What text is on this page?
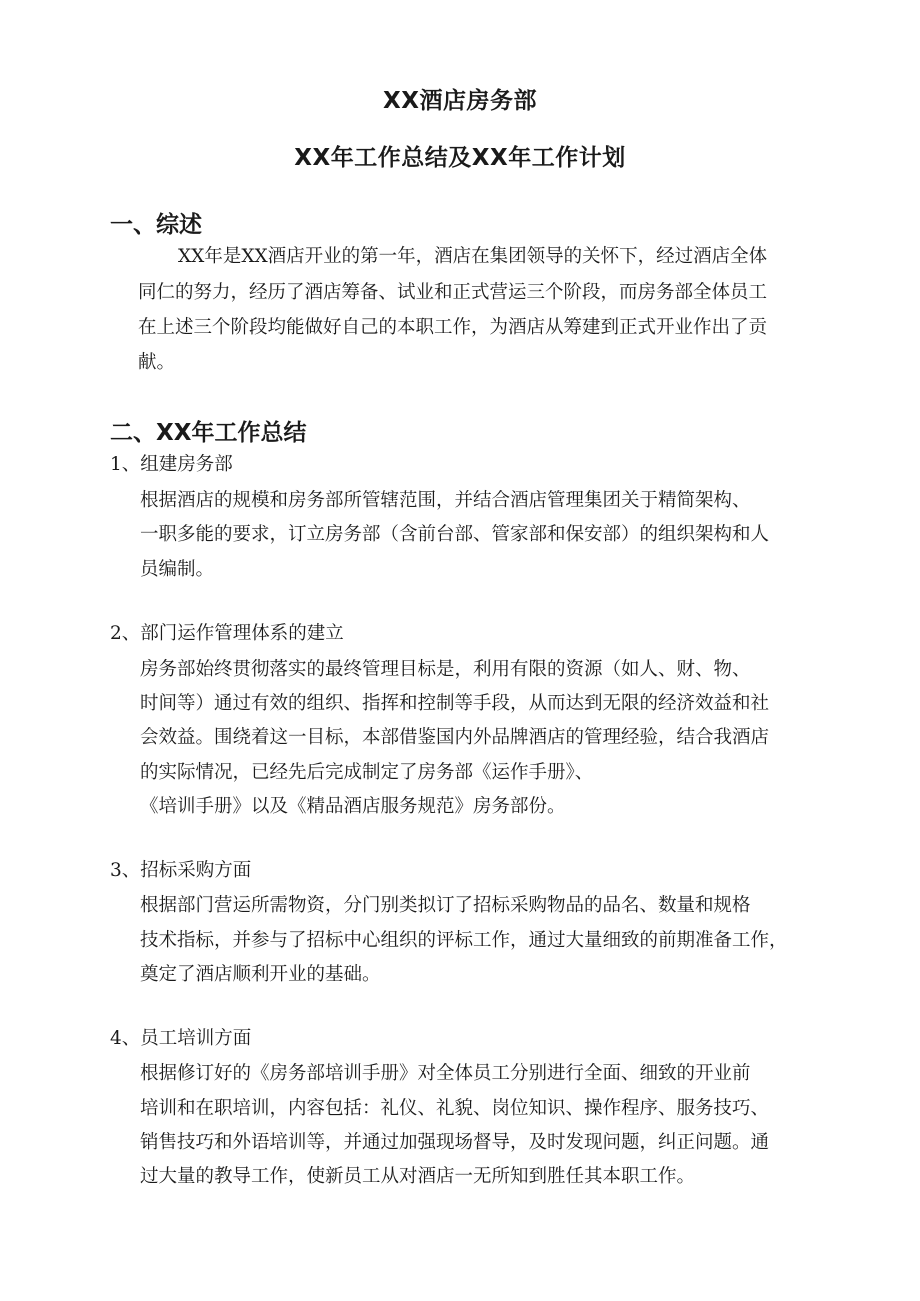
XX酒店房务部
XX年工作总结及XX年工作计划
一、综述
XX年是XX酒店开业的第一年，酒店在集团领导的关怀下，经过酒店全体
同仁的努力，经历了酒店筹备、试业和正式营运三个阶段，而房务部全体员工
在上述三个阶段均能做好自己的本职工作，为酒店从筹建到正式开业作出了贡
献。
二、XX年工作总结
1、组建房务部
根据酒店的规模和房务部所管辖范围，并结合酒店管理集团关于精简架构、
一职多能的要求，订立房务部（含前台部、管家部和保安部）的组织架构和人
员编制。
2、部门运作管理体系的建立
房务部始终贯彻落实的最终管理目标是，利用有限的资源（如人、财、物、
时间等）通过有效的组织、指挥和控制等手段，从而达到无限的经济效益和社
会效益。围绕着这一目标，本部借鉴国内外品牌酒店的管理经验，结合我酒店
的实际情况，已经先后完成制定了房务部《运作手册》、
《培训手册》以及《精品酒店服务规范》房务部份。
3、招标采购方面
根据部门营运所需物资，分门别类拟订了招标采购物品的品名、数量和规格
技术指标，并参与了招标中心组织的评标工作，通过大量细致的前期准备工作，
奠定了酒店顺利开业的基础。
4、员工培训方面
根据修订好的《房务部培训手册》对全体员工分别进行全面、细致的开业前
培训和在职培训，内容包括：礼仪、礼貌、岗位知识、操作程序、服务技巧、
销售技巧和外语培训等，并通过加强现场督导，及时发现问题，纠正问题。通
过大量的教导工作，使新员工从对酒店一无所知到胜任其本职工作。
